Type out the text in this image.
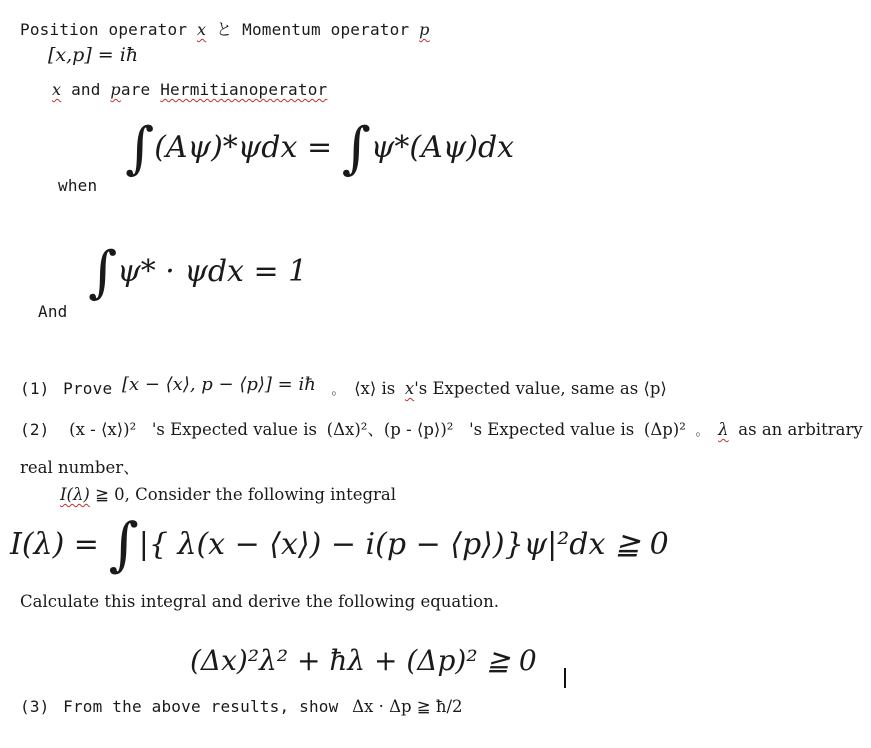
Position operator x と Momentum operator p
[x,p] = iħ
x and pare Hermitianoperator
∫(Aψ)*ψdx = ∫ψ*(Aψ)dx
when
∫ψ* · ψdx = 1
And
(1) Prove [x − ⟨x⟩, p − ⟨p⟩] = iħ 。 ⟨x⟩ is x's Expected value, same as ⟨p⟩
(2) (x - ⟨x⟩)² 's Expected value is (Δx)²、(p - ⟨p⟩)² 's Expected value is (Δp)² 。 λ as an arbitrary
real number、
I(λ) ≧ 0, Consider the following integral
I(λ) = ∫|{ λ(x − ⟨x⟩) − i(p − ⟨p⟩)}ψ|²dx ≧ 0
Calculate this integral and derive the following equation.
(Δx)²λ² + ħλ + (Δp)² ≧ 0
(3) From the above results, show Δx · Δp ≧ ħ/2
